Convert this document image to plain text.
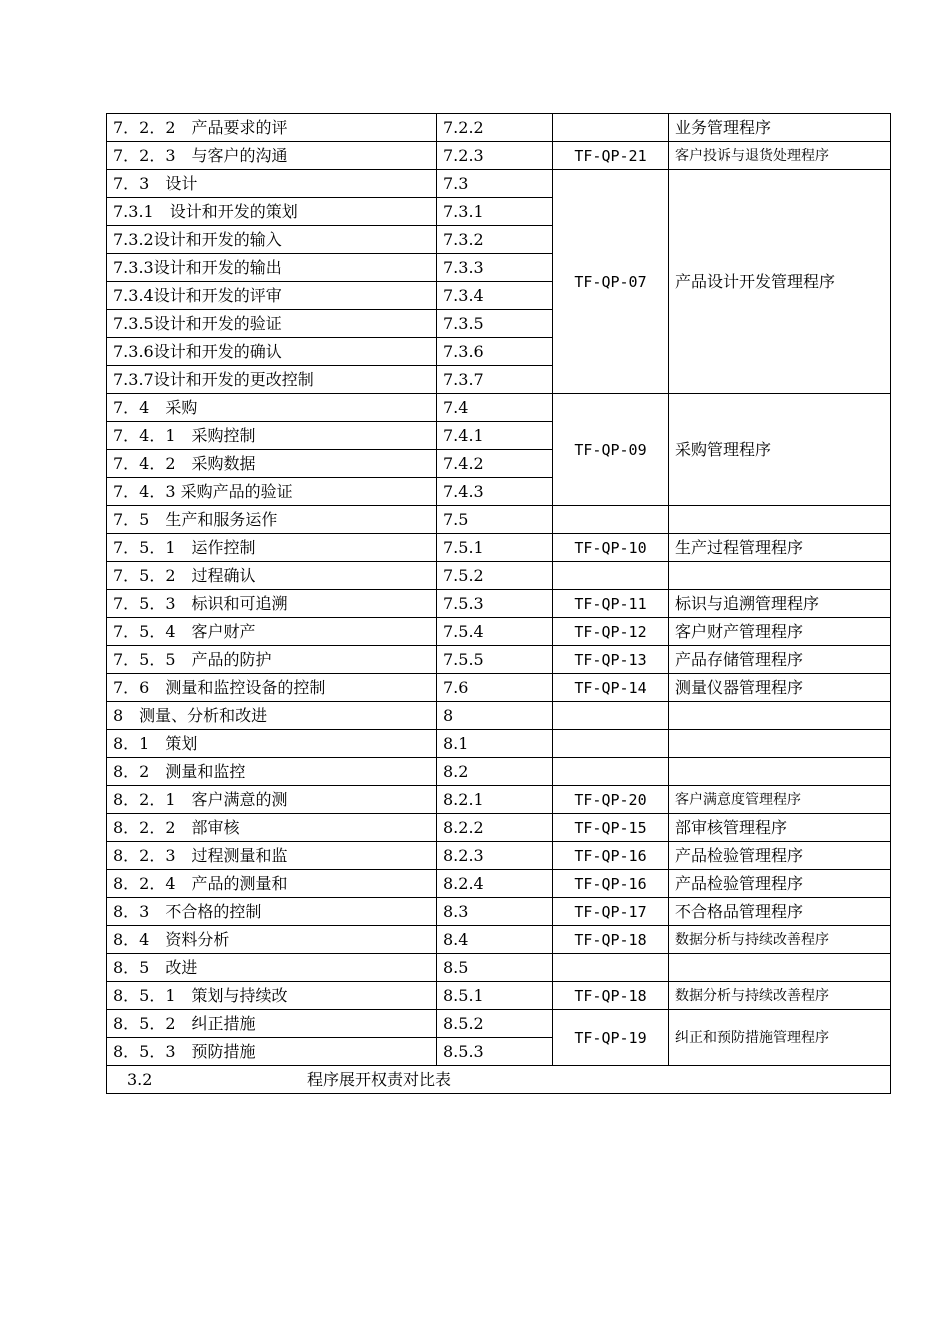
7．2．2　产品要求的评	7.2.2		业务管理程序
7．2．3　与客户的沟通	7.2.3	TF-QP-21	客户投诉与退货处理程序
7．3　设计	7.3	TF-QP-07	产品设计开发管理程序
7.3.1　设计和开发的策划	7.3.1		
7.3.2设计和开发的输入	7.3.2		
7.3.3设计和开发的输出	7.3.3		
7.3.4设计和开发的评审	7.3.4		
7.3.5设计和开发的验证	7.3.5		
7.3.6设计和开发的确认	7.3.6		
7.3.7设计和开发的更改控制	7.3.7		
7．4　采购	7.4	TF-QP-09	采购管理程序
7．4．1　采购控制	7.4.1		
7．4．2　采购数据	7.4.2		
7．4．3 采购产品的验证	7.4.3		
7．5　生产和服务运作	7.5		
7．5．1　运作控制	7.5.1	TF-QP-10	生产过程管理程序
7．5．2　过程确认	7.5.2		
7．5．3　标识和可追溯	7.5.3	TF-QP-11	标识与追溯管理程序
7．5．4　客户财产	7.5.4	TF-QP-12	客户财产管理程序
7．5．5　产品的防护	7.5.5	TF-QP-13	产品存储管理程序
7．6　测量和监控设备的控制	7.6	TF-QP-14	测量仪器管理程序
8　测量、分析和改进	8		
8．1　策划	8.1		
8．2　测量和监控	8.2		
8．2．1　客户满意的测	8.2.1	TF-QP-20	客户满意度管理程序
8．2．2　部审核	8.2.2	TF-QP-15	部审核管理程序
8．2．3　过程测量和监	8.2.3	TF-QP-16	产品检验管理程序
8．2．4　产品的测量和	8.2.4	TF-QP-16	产品检验管理程序
8．3　不合格的控制	8.3	TF-QP-17	不合格品管理程序
8．4　资料分析	8.4	TF-QP-18	数据分析与持续改善程序
8．5　改进	8.5		
8．5．1　策划与持续改	8.5.1	TF-QP-18	数据分析与持续改善程序
8．5．2　纠正措施	8.5.2	TF-QP-19	纠正和预防措施管理程序
8．5．3　预防措施	8.5.3		
3.2 程序展开权责对比表			
